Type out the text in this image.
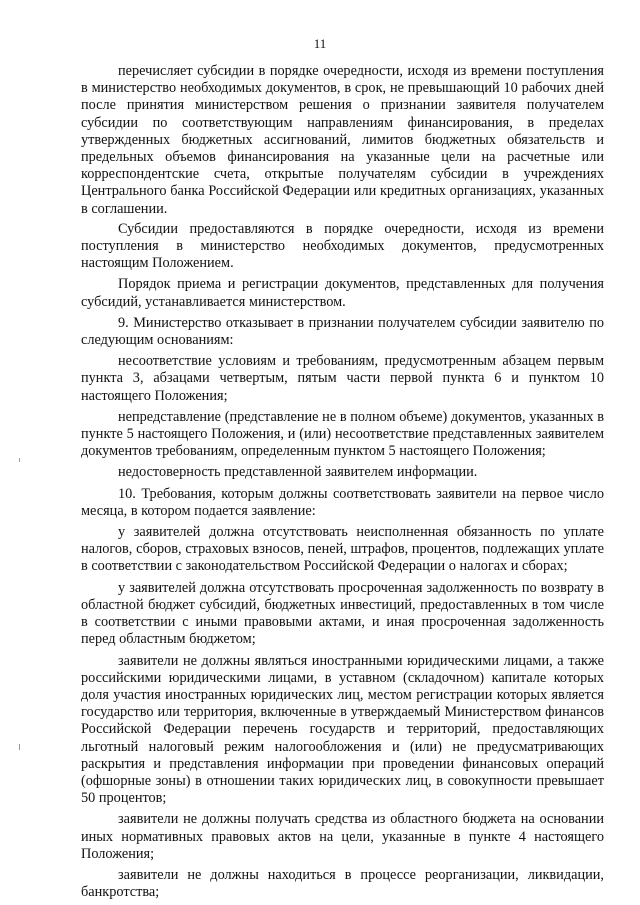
11

перечисляет субсидии в порядке очередности, исходя из времени поступления в министерство необходимых документов, в срок, не превышающий 10 рабочих дней после принятия министерством решения о признании заявителя получателем субсидии по соответствующим направлениям финансирования, в пределах утвержденных бюджетных ассигнований, лимитов бюджетных обязательств и предельных объемов финансирования на указанные цели на расчетные или корреспондентские счета, открытые получателям субсидии в учреждениях Центрального банка Российской Федерации или кредитных организациях, указанных в соглашении.

Субсидии предоставляются в порядке очередности, исходя из времени поступления в министерство необходимых документов, предусмотренных настоящим Положением.

Порядок приема и регистрации документов, представленных для получения субсидий, устанавливается министерством.

9. Министерство отказывает в признании получателем субсидии заявителю по следующим основаниям:

несоответствие условиям и требованиям, предусмотренным абзацем первым пункта 3, абзацами четвертым, пятым части первой пункта 6 и пунктом 10 настоящего Положения;

непредставление (представление не в полном объеме) документов, указанных в пункте 5 настоящего Положения, и (или) несоответствие представленных заявителем документов требованиям, определенным пунктом 5 настоящего Положения;

недостоверность представленной заявителем информации.

10. Требования, которым должны соответствовать заявители на первое число месяца, в котором подается заявление:

у заявителей должна отсутствовать неисполненная обязанность по уплате налогов, сборов, страховых взносов, пеней, штрафов, процентов, подлежащих уплате в соответствии с законодательством Российской Федерации о налогах и сборах;

у заявителей должна отсутствовать просроченная задолженность по возврату в областной бюджет субсидий, бюджетных инвестиций, предоставленных в том числе в соответствии с иными правовыми актами, и иная просроченная задолженность перед областным бюджетом;

заявители не должны являться иностранными юридическими лицами, а также российскими юридическими лицами, в уставном (складочном) капитале которых доля участия иностранных юридических лиц, местом регистрации которых является государство или территория, включенные в утверждаемый Министерством финансов Российской Федерации перечень государств и территорий, предоставляющих льготный налоговый режим налогообложения и (или) не предусматривающих раскрытия и представления информации при проведении финансовых операций (офшорные зоны) в отношении таких юридических лиц, в совокупности превышает 50 процентов;

заявители не должны получать средства из областного бюджета на основании иных нормативных правовых актов на цели, указанные в пункте 4 настоящего Положения;

заявители не должны находиться в процессе реорганизации, ликвидации, банкротства;
